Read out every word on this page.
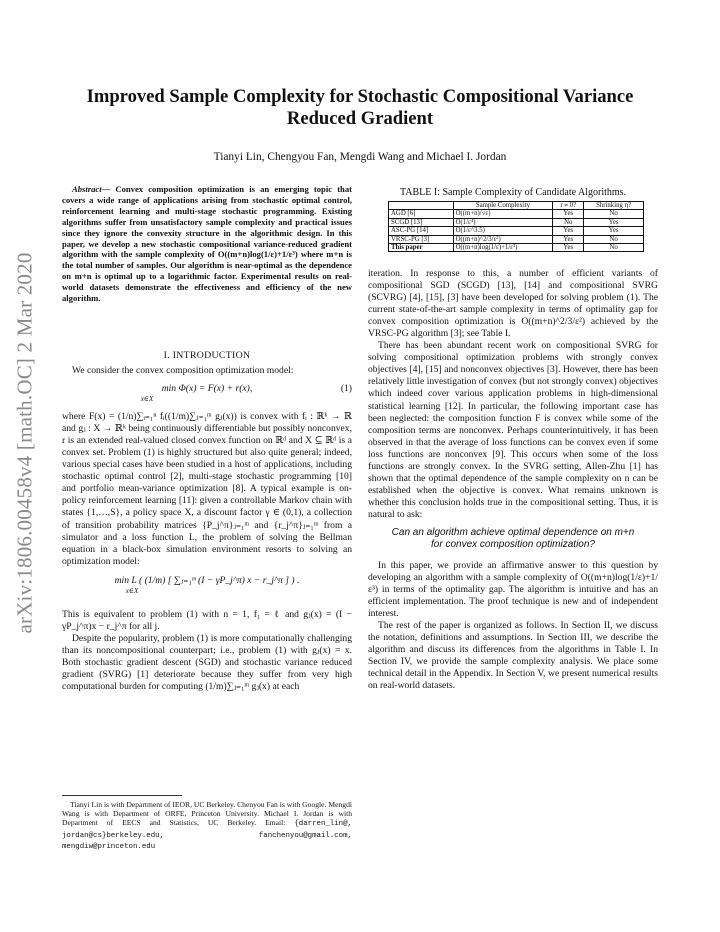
arXiv:1806.00458v4 [math.OC] 2 Mar 2020
Improved Sample Complexity for Stochastic Compositional Variance Reduced Gradient
Tianyi Lin, Chengyou Fan, Mengdi Wang and Michael I. Jordan
Abstract— Convex composition optimization is an emerging topic that covers a wide range of applications arising from stochastic optimal control, reinforcement learning and multi-stage stochastic programming. Existing algorithms suffer from unsatisfactory sample complexity and practical issues since they ignore the convexity structure in the algorithmic design. In this paper, we develop a new stochastic compositional variance-reduced gradient algorithm with the sample complexity of O((m+n)log(1/ε)+1/ε³) where m+n is the total number of samples. Our algorithm is near-optimal as the dependence on m+n is optimal up to a logarithmic factor. Experimental results on real-world datasets demonstrate the effectiveness and efficiency of the new algorithm.

I. INTRODUCTION

We consider the convex composition optimization model:

min Φ(x) = F(x) + r(x),	(1)
x∈X

where F(x) = (1/n)∑ᵢ₌₁ⁿ fᵢ((1/m)∑ⱼ₌₁ᵐ gⱼ(x)) is convex with fᵢ : ℝᵏ → ℝ and gⱼ : X → ℝᵏ being continuously differentiable but possibly nonconvex, r is an extended real-valued closed convex function on ℝᵈ and X ⊆ ℝᵈ is a convex set. Problem (1) is highly structured but also quite general; indeed, various special cases have been studied in a host of applications, including stochastic optimal control [2], multi-stage stochastic programming [10] and portfolio mean-variance optimization [8]. A typical example is on-policy reinforcement learning [11]: given a controllable Markov chain with states {1,…,S}, a policy space X, a discount factor γ ∈ (0,1), a collection of transition probability matrices {P_j^π}ⱼ₌₁ᵐ and {r_j^π}ⱼ₌₁ᵐ from a simulator and a loss function L, the problem of solving the Bellman equation in a black-box simulation environment resorts to solving an optimization model:

min L ( (1/m) [ ∑ⱼ₌₁ᵐ (I − γP_j^π) x − r_j^π ] ) .
x∈X

This is equivalent to problem (1) with n = 1, f₁ = ℓ and gⱼ(x) = (I − γP_j^π)x − r_j^π for all j.

Despite the popularity, problem (1) is more computationally challenging than its noncompositional counterpart; i.e., problem (1) with gⱼ(x) = x. Both stochastic gradient descent (SGD) and stochastic variance reduced gradient (SVRG) [1] deteriorate because they suffer from very high computational burden for computing (1/m)∑ⱼ₌₁ᵐ gⱼ(x) at each

Tianyi Lin is with Department of IEOR, UC Berkeley. Chenyou Fan is with Google. Mengdi Wang is with Department of ORFE, Princeton University. Michael I. Jordan is with Department of EECS and Statistics, UC Berkeley. Email: {darren_lin@, jordan@cs}berkeley.edu, fanchenyou@gmail.com, mengdiw@princeton.edu
TABLE I: Sample Complexity of Candidate Algorithms.
	Sample Complexity	r ≠ 0?	Shrinking η?
AGD [6]	O((m+n)/√ε)	Yes	No
SCGD [13]	O(1/ε⁴)	No	Yes
ASC-PG [14]	O(1/ε^3.5)	Yes	Yes
VRSC-PG [3]	O((m+n)^2/3/ε²)	Yes	No
This paper	O((m+n)log(1/ε)+1/ε³)	Yes	No

iteration. In response to this, a number of efficient variants of compositional SGD (SCGD) [13], [14] and compositional SVRG (SCVRG) [4], [15], [3] have been developed for solving problem (1). The current state-of-the-art sample complexity in terms of optimality gap for convex composition optimization is O((m+n)^2/3/ε²) achieved by the VRSC-PG algorithm [3]; see Table I.

There has been abundant recent work on compositional SVRG for solving compositional optimization problems with strongly convex objectives [4], [15] and nonconvex objectives [3]. However, there has been relatively little investigation of convex (but not strongly convex) objectives which indeed cover various application problems in high-dimensional statistical learning [12]. In particular, the following important case has been neglected: the composition function F is convex while some of the composition terms are nonconvex. Perhaps counterintuitively, it has been observed in that the average of loss functions can be convex even if some loss functions are nonconvex [9]. This occurs when some of the loss functions are strongly convex. In the SVRG setting, Allen-Zhu [1] has shown that the optimal dependence of the sample complexity on n can be established when the objective is convex. What remains unknown is whether this conclusion holds true in the compositional setting. Thus, it is natural to ask:

Can an algorithm achieve optimal dependence on m+n for convex composition optimization?

In this paper, we provide an affirmative answer to this question by developing an algorithm with a sample complexity of O((m+n)log(1/ε)+1/ε³) in terms of the optimality gap. The algorithm is intuitive and has an efficient implementation. The proof technique is new and of independent interest.

The rest of the paper is organized as follows. In Section II, we discuss the notation, definitions and assumptions. In Section III, we describe the algorithm and discuss its differences from the algorithms in Table I. In Section IV, we provide the sample complexity analysis. We place some technical detail in the Appendix. In Section V, we present numerical results on real-world datasets.
